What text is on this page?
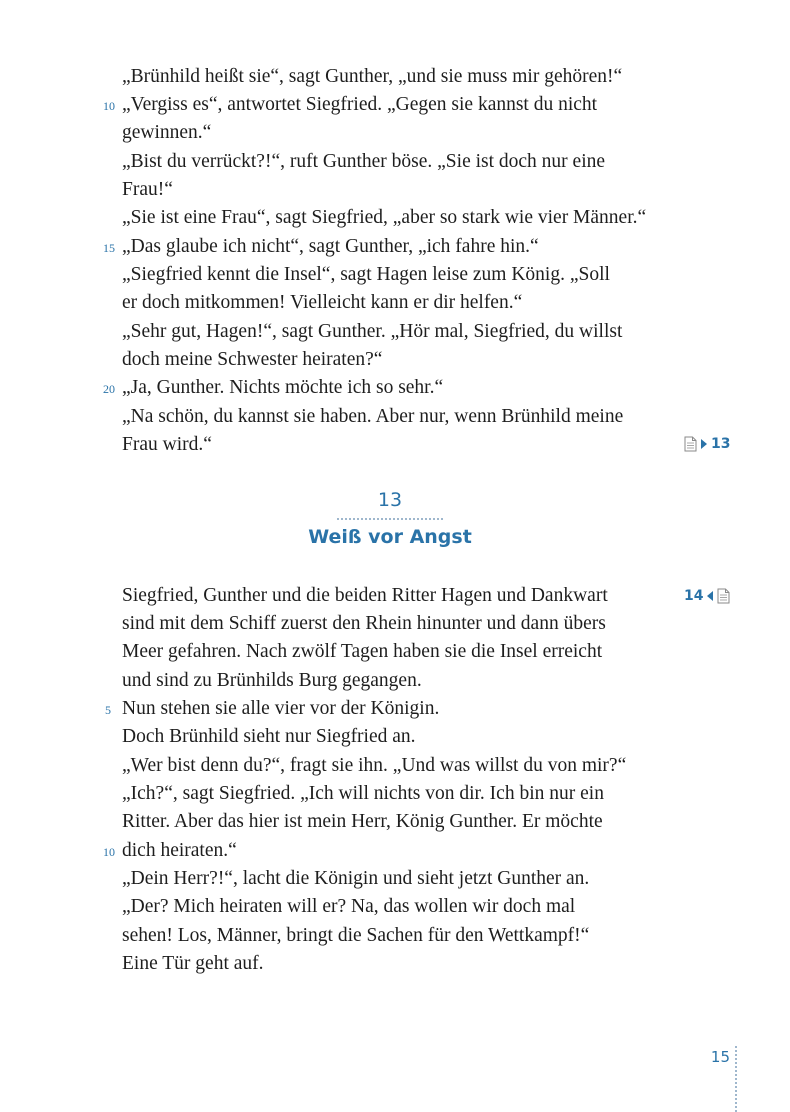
10
15
20
„Brünhild heißt sie“, sagt Gunther, „und sie muss mir gehören!“
„Vergiss es“, antwortet Siegfried. „Gegen sie kannst du nicht
gewinnen.“
„Bist du verrückt?!“, ruft Gunther böse. „Sie ist doch nur eine
Frau!“
„Sie ist eine Frau“, sagt Siegfried, „aber so stark wie vier Männer.“
„Das glaube ich nicht“, sagt Gunther, „ich fahre hin.“
„Siegfried kennt die Insel“, sagt Hagen leise zum König. „Soll
er doch mitkommen! Vielleicht kann er dir helfen.“
„Sehr gut, Hagen!“, sagt Gunther. „Hör mal, Siegfried, du willst
doch meine Schwester heiraten?“
„Ja, Gunther. Nichts möchte ich so sehr.“
„Na schön, du kannst sie haben. Aber nur, wenn Brünhild meine
Frau wird.“	13
13
Weiß vor Angst
14
5
10
Siegfried, Gunther und die beiden Ritter Hagen und Dankwart
sind mit dem Schiff zuerst den Rhein hinunter und dann übers
Meer gefahren. Nach zwölf Tagen haben sie die Insel erreicht
und sind zu Brünhilds Burg gegangen.
Nun stehen sie alle vier vor der Königin.
Doch Brünhild sieht nur Siegfried an.
„Wer bist denn du?“, fragt sie ihn. „Und was willst du von mir?“
„Ich?“, sagt Siegfried. „Ich will nichts von dir. Ich bin nur ein
Ritter. Aber das hier ist mein Herr, König Gunther. Er möchte
dich heiraten.“
„Dein Herr?!“, lacht die Königin und sieht jetzt Gunther an.
„Der? Mich heiraten will er? Na, das wollen wir doch mal
sehen! Los, Männer, bringt die Sachen für den Wettkampf!“
Eine Tür geht auf.
15
